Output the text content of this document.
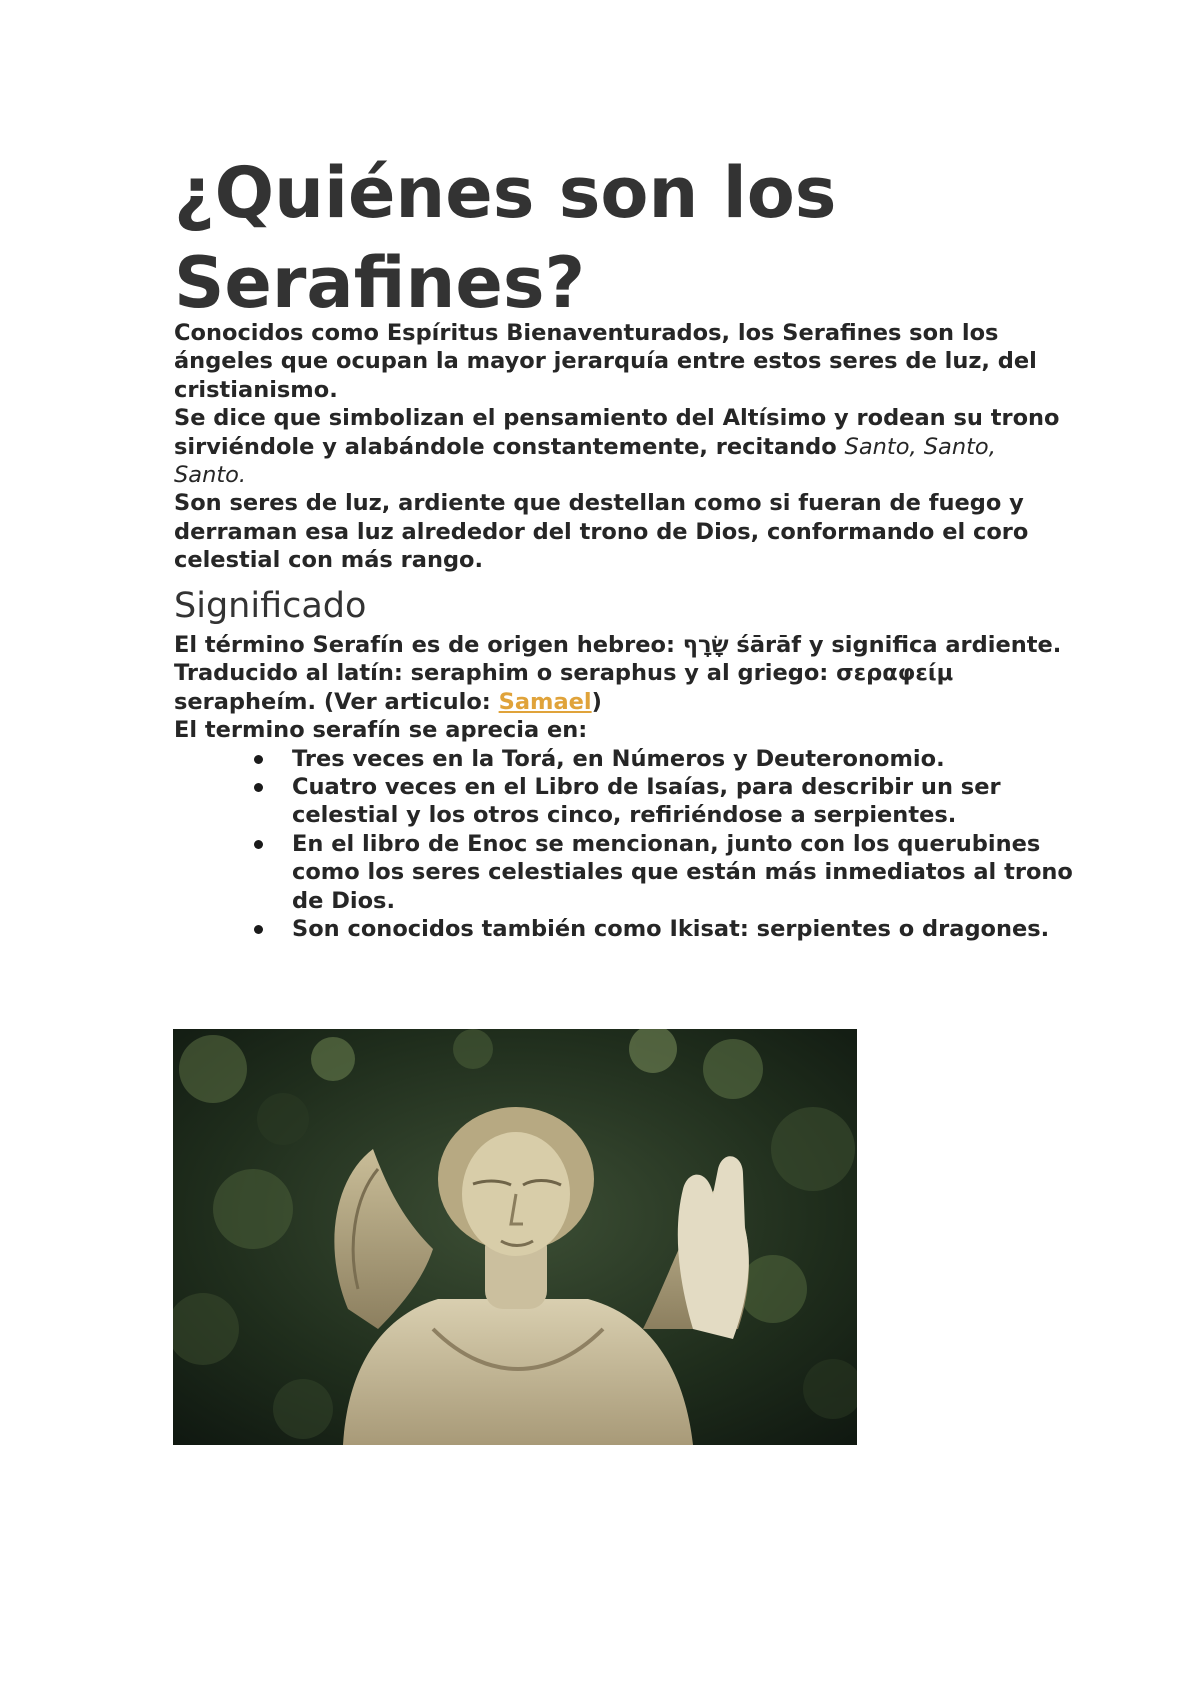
¿Quiénes son los Serafines?

Conocidos como Espíritus Bienaventurados, los Serafines son los ángeles que ocupan la mayor jerarquía entre estos seres de luz, del cristianismo.

Se dice que simbolizan el pensamiento del Altísimo y rodean su trono sirviéndole y alabándole constantemente, recitando Santo, Santo, Santo.

Son seres de luz, ardiente que destellan como si fueran de fuego y derraman esa luz alrededor del trono de Dios, conformando el coro celestial con más rango.

Significado

El término Serafín es de origen hebreo: שָׂרָף śārāf y significa ardiente.

Traducido al latín: seraphim o seraphus y al griego: σεραφείμ serapheím. (Ver articulo: Samael)

El termino serafín se aprecia en:

Tres veces en la Torá, en Números y Deuteronomio.
Cuatro veces en el Libro de Isaías, para describir un ser celestial y los otros cinco, refiriéndose a serpientes.
En el libro de Enoc se mencionan, junto con los querubines como los seres celestiales que están más inmediatos al trono de Dios.
Son conocidos también como Ikisat: serpientes o dragones.
